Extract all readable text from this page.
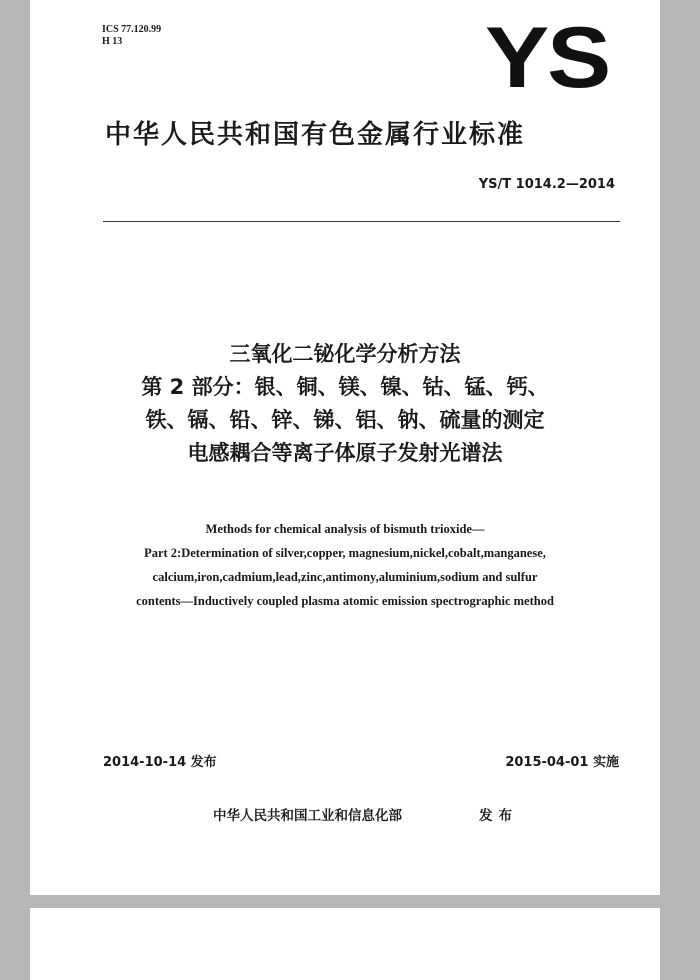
ICS 77.120.99
H 13	YS
中华人民共和国有色金属行业标准
YS/T 1014.2—2014
三氧化二铋化学分析方法
第 2 部分：银、铜、镁、镍、钴、锰、钙、
铁、镉、铅、锌、锑、铝、钠、硫量的测定
电感耦合等离子体原子发射光谱法
Methods for chemical analysis of bismuth trioxide—
Part 2:Determination of silver,copper, magnesium,nickel,cobalt,manganese,
calcium,iron,cadmium,lead,zinc,antimony,aluminium,sodium and sulfur
contents—Inductively coupled plasma atomic emission spectrographic method
2014-10-14 发布	2015-04-01 实施
中华人民共和国工业和信息化部	发布
